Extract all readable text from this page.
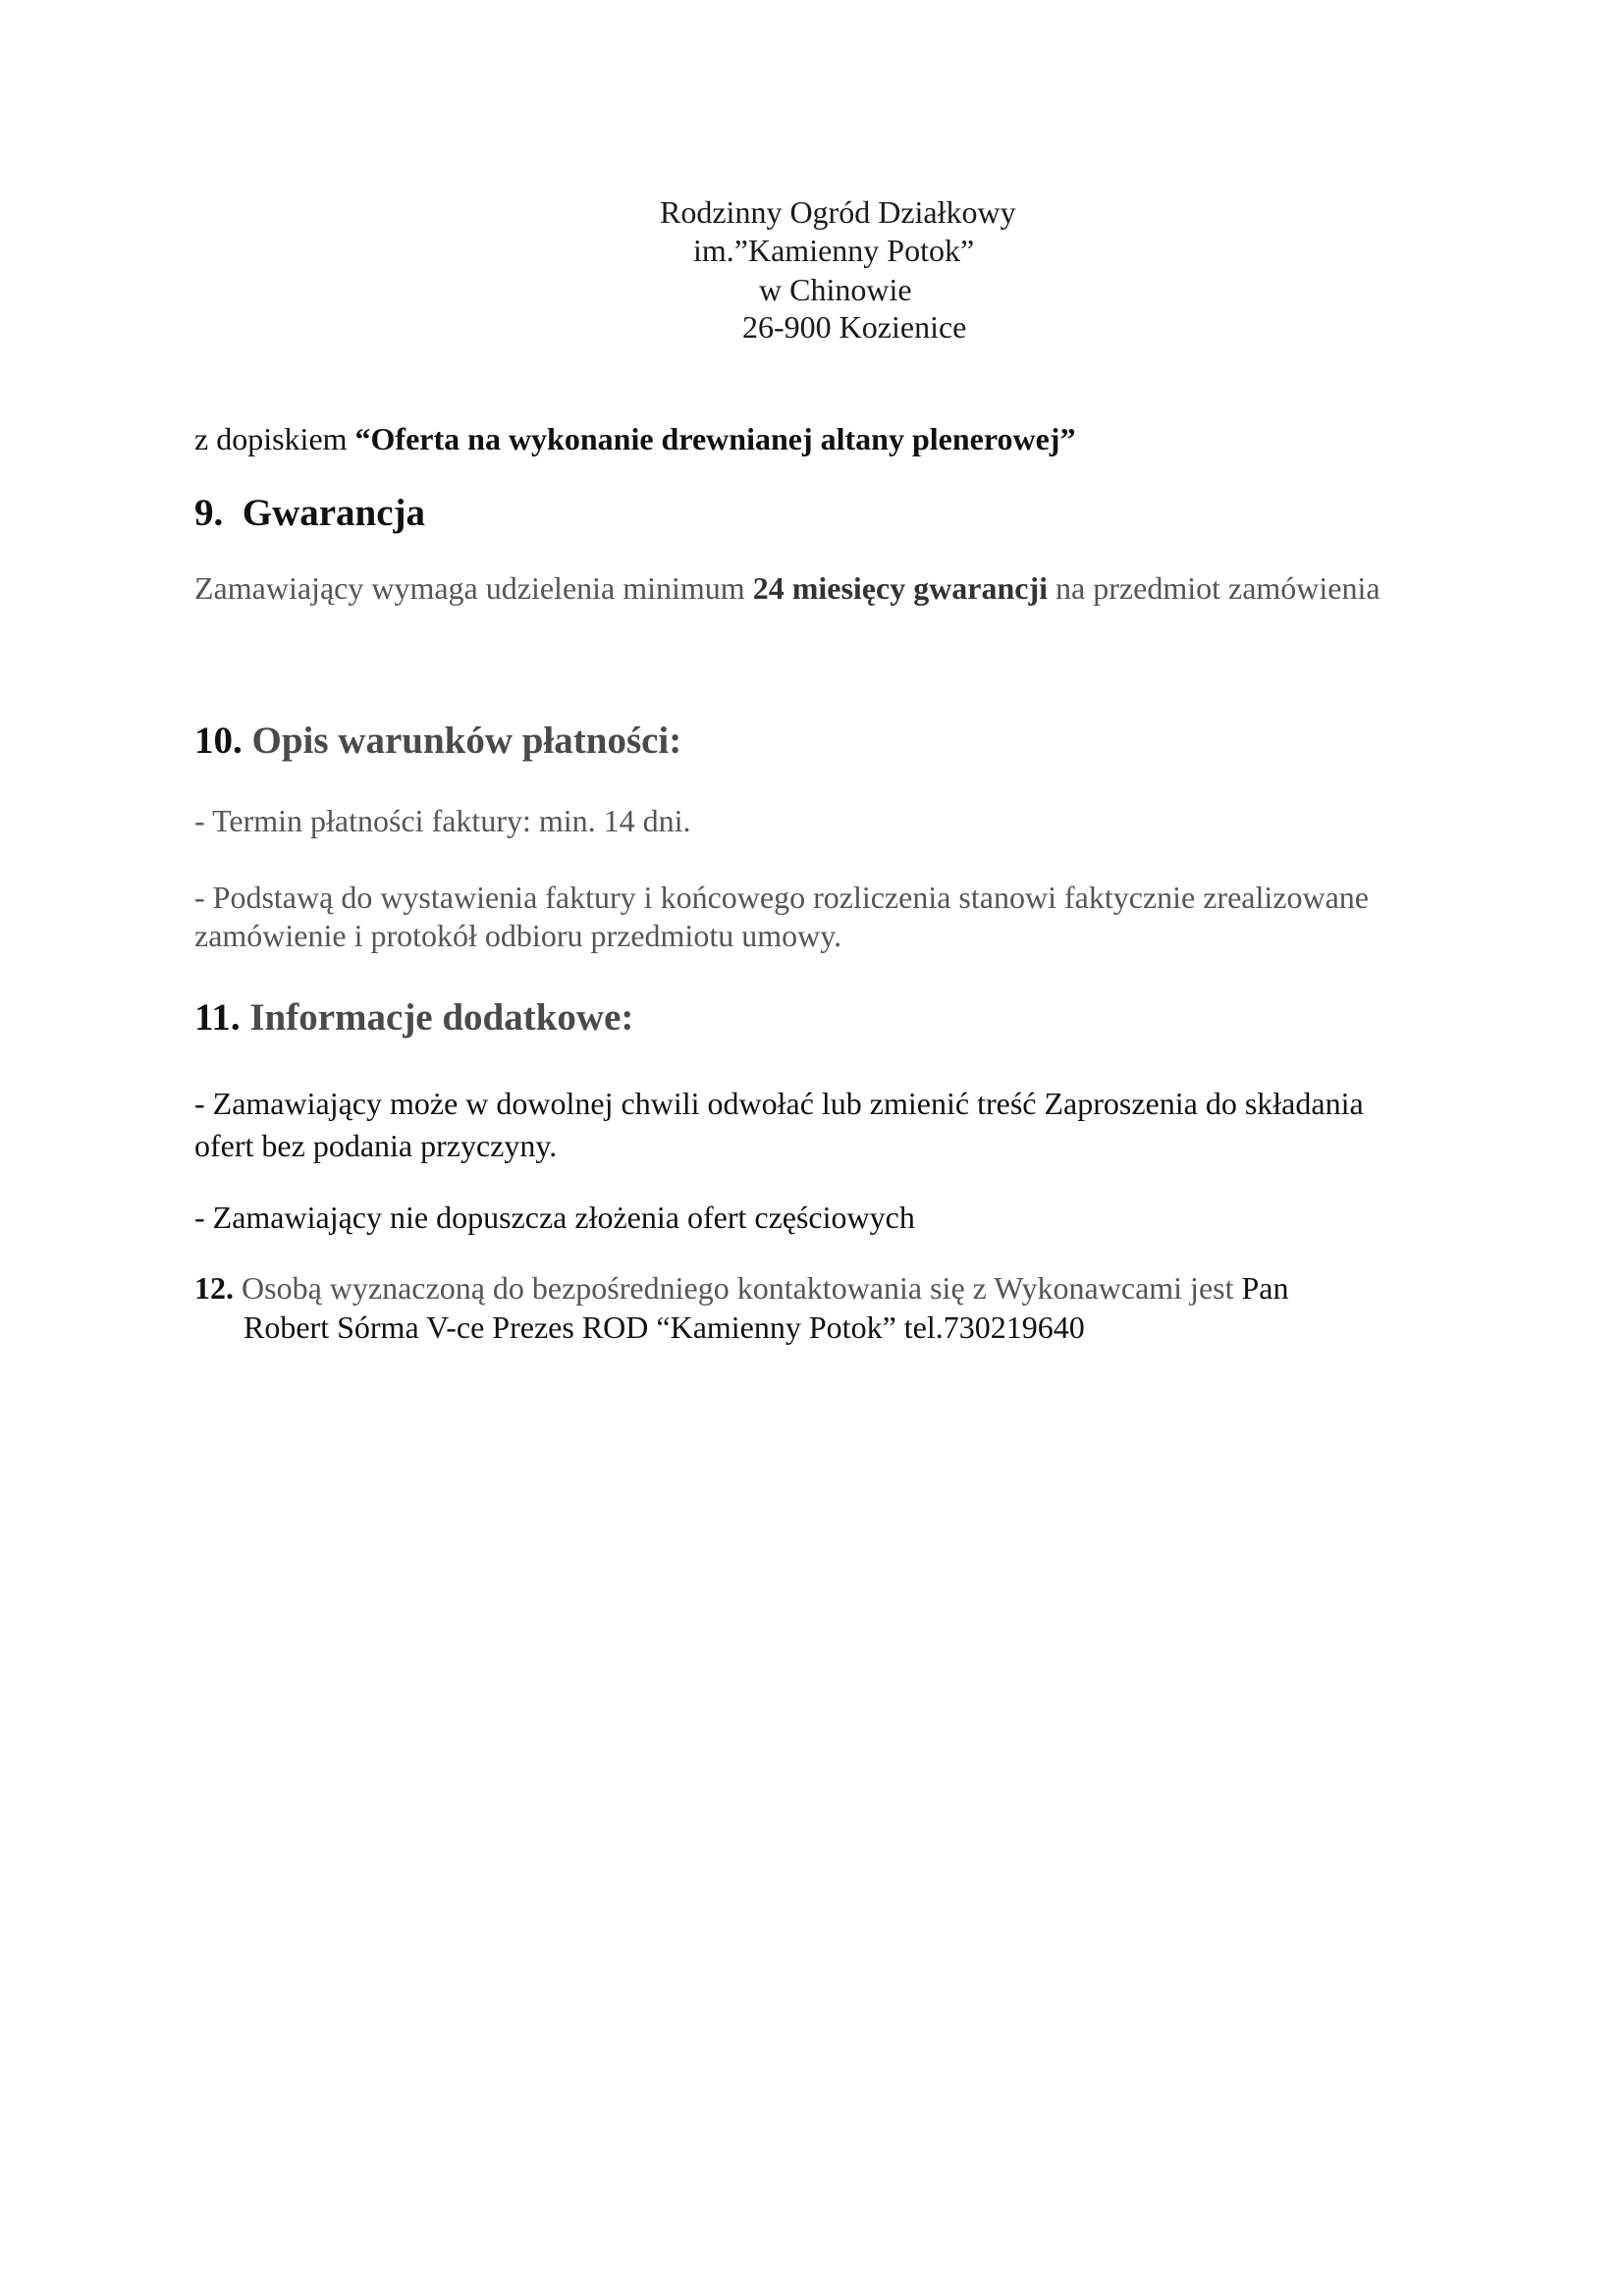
Rodzinny Ogród Działkowy
im.”Kamienny Potok”
w Chinowie
26-900 Kozienice
z dopiskiem “Oferta na wykonanie drewnianej altany plenerowej”
9. Gwarancja
Zamawiający wymaga udzielenia minimum 24 miesięcy gwarancji na przedmiot zamówienia
10. Opis warunków płatności:
- Termin płatności faktury: min. 14 dni.
- Podstawą do wystawienia faktury i końcowego rozliczenia stanowi faktycznie zrealizowane
zamówienie i protokół odbioru przedmiotu umowy.
11. Informacje dodatkowe:
- Zamawiający może w dowolnej chwili odwołać lub zmienić treść Zaproszenia do składania
ofert bez podania przyczyny.
- Zamawiający nie dopuszcza złożenia ofert częściowych
12. Osobą wyznaczoną do bezpośredniego kontaktowania się z Wykonawcami jest Pan
Robert Sórma V-ce Prezes ROD “Kamienny Potok” tel.730219640
